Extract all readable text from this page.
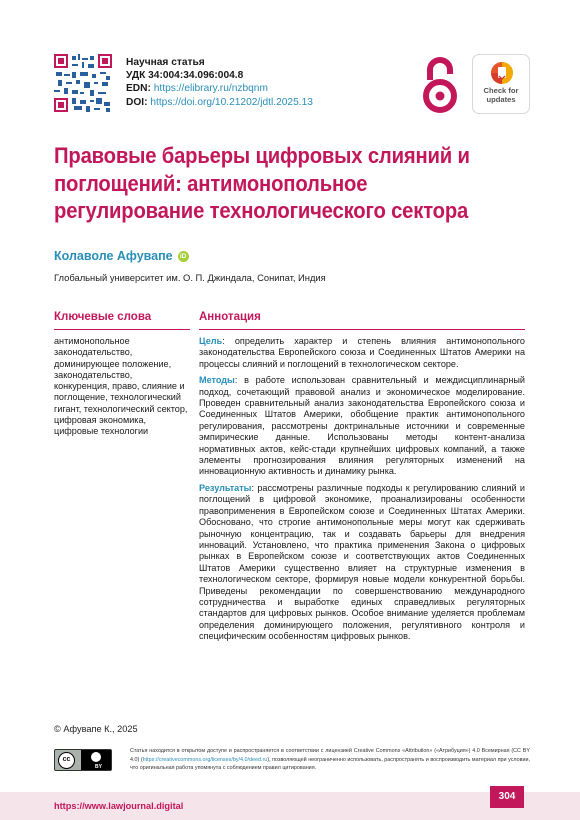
Научная статья
УДК 34:004:34.096:004.8
EDN: https://elibrary.ru/nzbqnm
DOI: https://doi.org/10.21202/jdtl.2025.13
Check for updates
Правовые барьеры цифровых слияний и поглощений: антимонопольное регулирование технологического сектора
Колаволе Афувапе	iD
Глобальный университет им. О. П. Джиндала, Сонипат, Индия
Ключевые слова
антимонопольное законодательство, доминирующее положение, законодательство, конкуренция, право, слияние и поглощение, технологический гигант, технологический сектор, цифровая экономика, цифровые технологии
Аннотация

Цель: определить характер и степень влияния антимонопольного законодательства Европейского союза и Соединенных Штатов Америки на процессы слияний и поглощений в технологическом секторе.

Методы: в работе использован сравнительный и междисциплинарный подход, сочетающий правовой анализ и экономическое моделирование. Проведен сравнительный анализ законодательства Европейского союза и Соединенных Штатов Америки, обобщение практик антимонопольного регулирования, рассмотрены доктринальные источники и современные эмпирические данные. Использованы методы контент-анализа нормативных актов, кейс-стади крупнейших цифровых компаний, а также элементы прогнозирования влияния регуляторных изменений на инновационную активность и динамику рынка.

Результаты: рассмотрены различные подходы к регулированию слияний и поглощений в цифровой экономике, проанализированы особенности правоприменения в Европейском союзе и Соединенных Штатах Америки. Обосновано, что строгие антимонопольные меры могут как сдерживать рыночную концентрацию, так и создавать барьеры для внедрения инноваций. Установлено, что практика применения Закона о цифровых рынках в Европейском союзе и соответствующих актов Соединенных Штатов Америки существенно влияет на структурные изменения в технологическом секторе, формируя новые модели конкурентной борьбы. Приведены рекомендации по совершенствованию международного сотрудничества и выработке единых справедливых регуляторных стандартов для цифровых рынков. Особое внимание уделяется проблемам определения доминирующего положения, регулятивного контроля и специфическим особенностям цифровых рынков.

© Афувапе К., 2025
cc
BY
Статья находится в открытом доступе и распространяется в соответствии с лицензией Creative Commons «Attribution» («Атрибуция») 4.0 Всемирная (CC BY 4.0) (https://creativecommons.org/licenses/by/4.0/deed.ru), позволяющей неограниченно использовать, распространять и воспроизводить материал при условии, что оригинальная работа упомянута с соблюдением правил цитирования.
https://www.lawjournal.digital
304
